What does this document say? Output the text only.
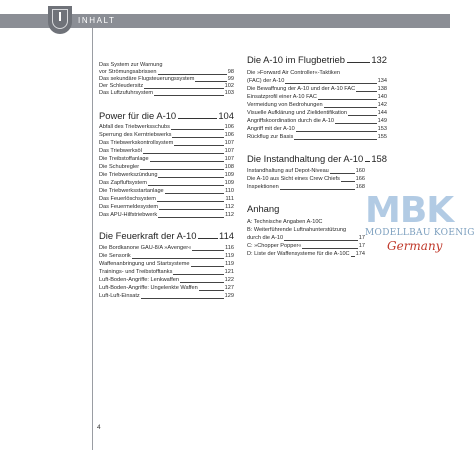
INHALT
Das System zur Warnung
vor Strömungsabrissen	98
Das sekundäre Flugsteuerungssystem	99
Der Schleudersitz	102
Das Luftzufuhrsystem	103
Power für die A-10	104
Abfall des Triebwerksschubs	106
Sperrung des Kerntriebwerks	106
Das Triebwerkskontrollsystem	107
Das Triebwerksöl	107
Die Treibstoffanlage	107
Die Schubregler	108
Die Triebwerkszündung	109
Das Zapfluftsystem	109
Die Triebwerksstartanlage	110
Das Feuerlöschsystem	111
Das Feuermeldesystem	112
Das APU-Hilfstriebwerk	112
Die Feuerkraft der A-10 114
Die Bordkanone GAU-8/A »Avenger«	116
Die Sensorik	119
Waffenanbringung und Startsysteme	119
Trainings- und Treibstofftanks	121
Luft-Boden-Angriffe: Lenkwaffen	122
Luft-Boden-Angriffe: Ungelenkte Waffen	127
Luft-Luft-Einsatz	129
Die A-10 im Flugbetrieb	132
Die »Forward Air Controller«-Taktiken
(FAC) der A-10	134
Die Bewaffnung der A-10 und der A-10 FAC	138
Einsatzprofil einer A-10 FAC	140
Vermeidung von Bedrohungen	142
Visuelle Aufklärung und Zielidentifikation	144
Angriffskoordination durch die A-10	149
Angriff mit der A-10	153
Rückflug zur Basis	155
Die Instandhaltung der A-10 158
Instandhaltung auf Depot-Niveau	160
Die A-10 aus Sicht eines Crew Chiefs	166
Inspektionen	168
Anhang
A: Technische Angaben A-10C
B: Weiterführende Luftnahunterstützung
durch die A-10	17
C: »Chopper Popper«	17
D: Liste der Waffensysteme für die A-10C 174
MBK
MODELLBAU KOENIG
Germany
4
